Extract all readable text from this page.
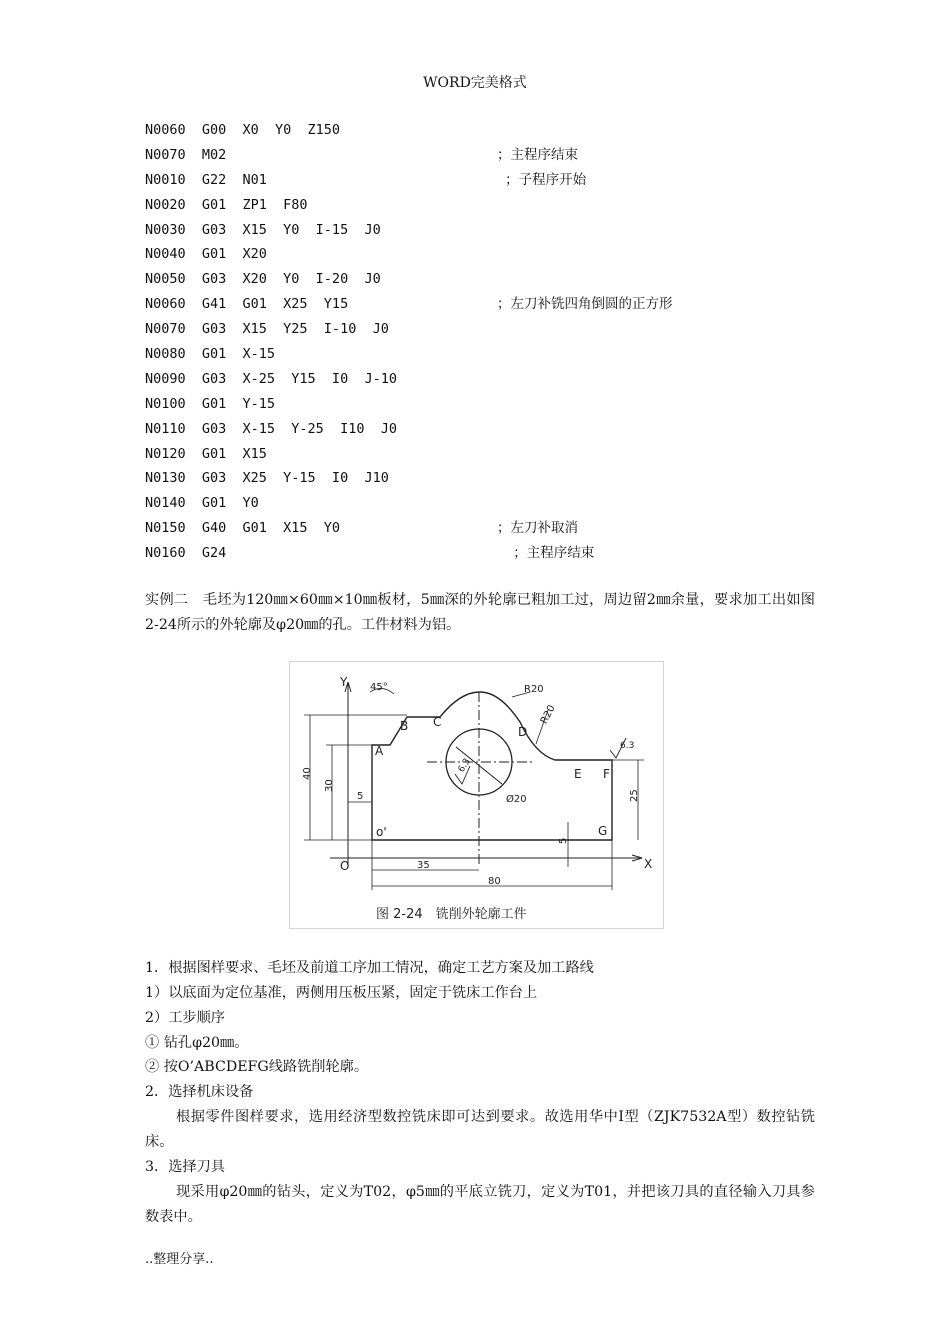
WORD完美格式
N0060  G00  X0  Y0  Z150
N0070  M02	；主程序结束
N0010  G22  N01	；子程序开始
N0020  G01  ZP1  F80
N0030  G03  X15  Y0  I-15  J0
N0040  G01  X20
N0050  G03  X20  Y0  I-20  J0
N0060  G41  G01  X25  Y15	；左刀补铣四角倒圆的正方形
N0070  G03  X15  Y25  I-10  J0
N0080  G01  X-15
N0090  G03  X-25  Y15  I0  J-10
N0100  G01  Y-15
N0110  G03  X-15  Y-25  I10  J0
N0120  G01  X15
N0130  G03  X25  Y-15  I0  J10
N0140  G01  Y0
N0150  G40  G01  X15  Y0	；左刀补取消
N0160  G24	；主程序结束
实例二　毛坯为120㎜×60㎜×10㎜板材，5㎜深的外轮廓已粗加工过，周边留2㎜余量，要求加工出如图2-24所示的外轮廓及φ20㎜的孔。工件材料为铝。
Y
X
O
o'
A
B C
D
E F
G
45°	R20
R20
Ø20
6.3
6.3
40
30
5
35
80
5
25
图 2-24　铣削外轮廓工件
1．根据图样要求、毛坯及前道工序加工情况，确定工艺方案及加工路线
1）以底面为定位基准，两侧用压板压紧，固定于铣床工作台上
2）工步顺序
① 钻孔φ20㎜。
② 按O’ABCDEFG线路铣削轮廓。
2．选择机床设备
根据零件图样要求，选用经济型数控铣床即可达到要求。故选用华中Ⅰ型（ZJK7532A型）数控钻铣床。
3．选择刀具
现采用φ20㎜的钻头，定义为T02，φ5㎜的平底立铣刀，定义为T01，并把该刀具的直径输入刀具参数表中。
..整理分享..
